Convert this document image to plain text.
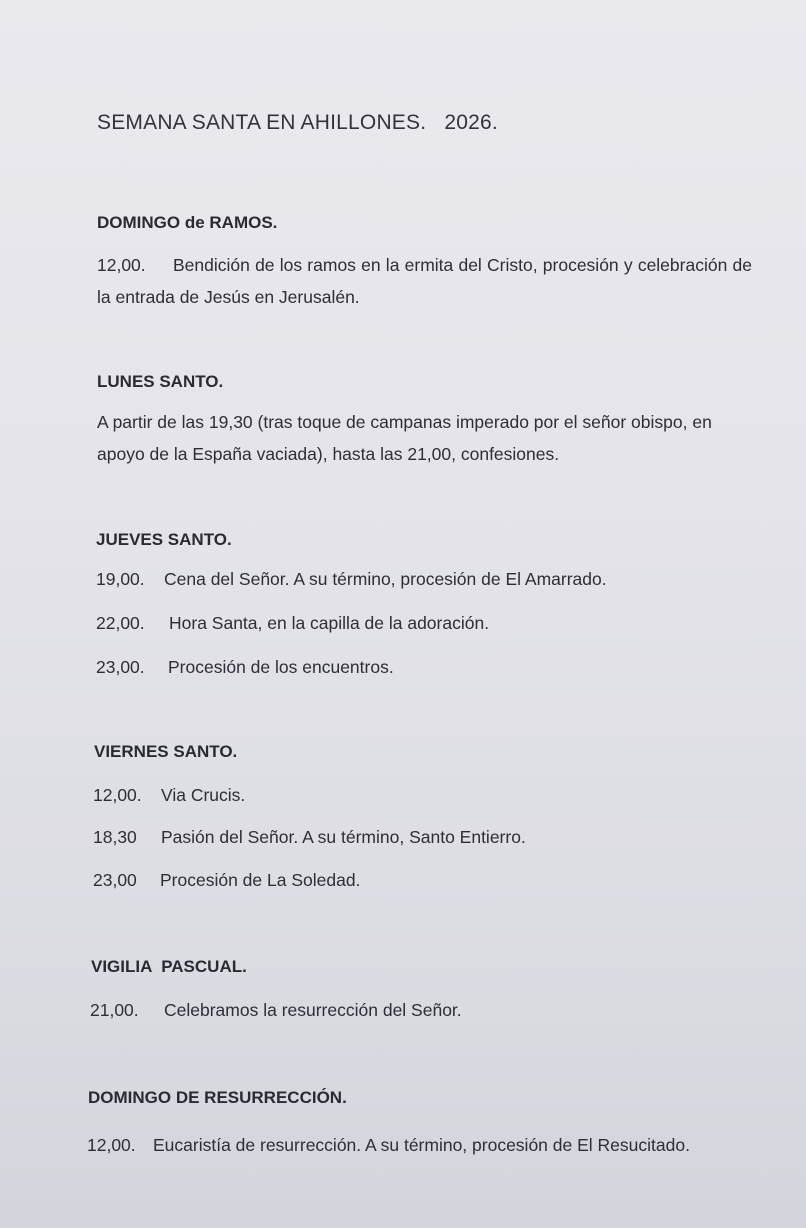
SEMANA SANTA EN AHILLONES.   2026.
DOMINGO de RAMOS.
12,00. Bendición de los ramos en la ermita del Cristo, procesión y celebración de la entrada de Jesús en Jerusalén.
LUNES SANTO.
A partir de las 19,30 (tras toque de campanas imperado por el señor obispo, en apoyo de la España vaciada), hasta las 21,00, confesiones.
JUEVES SANTO.
19,00. Cena del Señor. A su término, procesión de El Amarrado.
22,00. Hora Santa, en la capilla de la adoración.
23,00. Procesión de los encuentros.
VIERNES SANTO.
12,00. Via Crucis.
18,30 Pasión del Señor. A su término, Santo Entierro.
23,00 Procesión de La Soledad.
VIGILIA  PASCUAL.
21,00. Celebramos la resurrección del Señor.
DOMINGO DE RESURRECCIÓN.
12,00. Eucaristía de resurrección. A su término, procesión de El Resucitado.
